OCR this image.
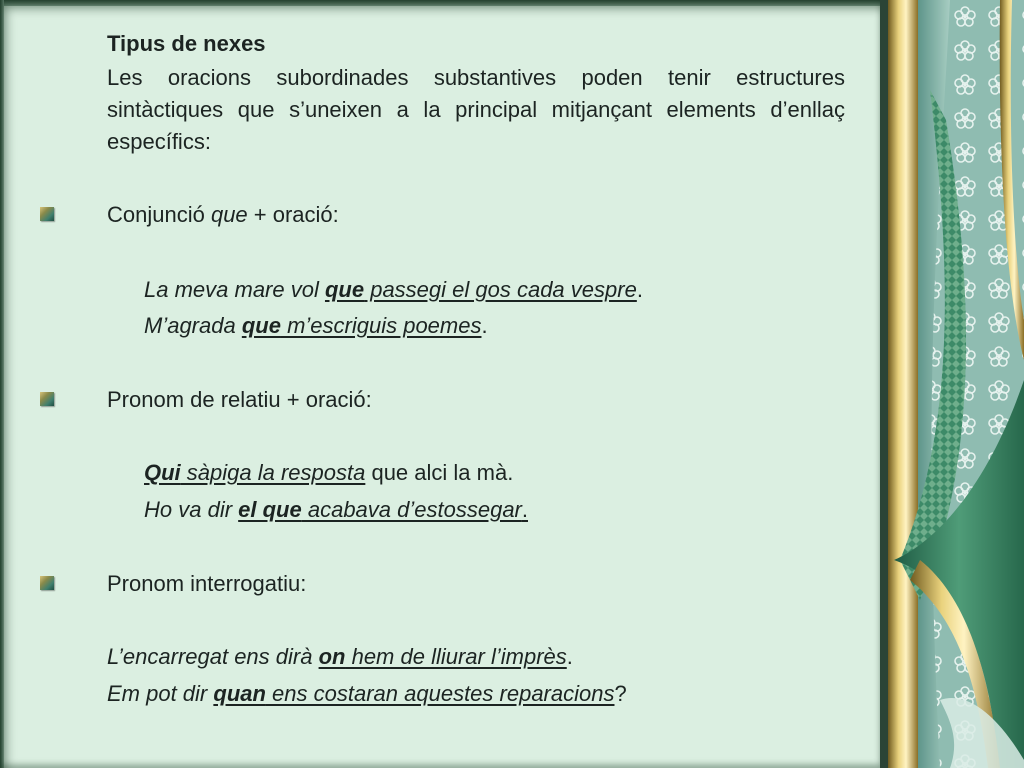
Tipus de nexes
Les oracions subordinades substantives poden tenir estructures sintàctiques que s’uneixen a la principal mitjançant elements d’enllaç específics:
Conjunció que + oració:
La meva mare vol que passegi el gos cada vespre.
M’agrada que m’escriguis poemes.
Pronom de relatiu + oració:
Qui sàpiga la resposta que alci la mà.
Ho va dir el que acabava d’estossegar.
Pronom interrogatiu:
L’encarregat ens dirà on hem de lliurar l’imprès.
Em pot dir quan ens costaran aquestes reparacions?
